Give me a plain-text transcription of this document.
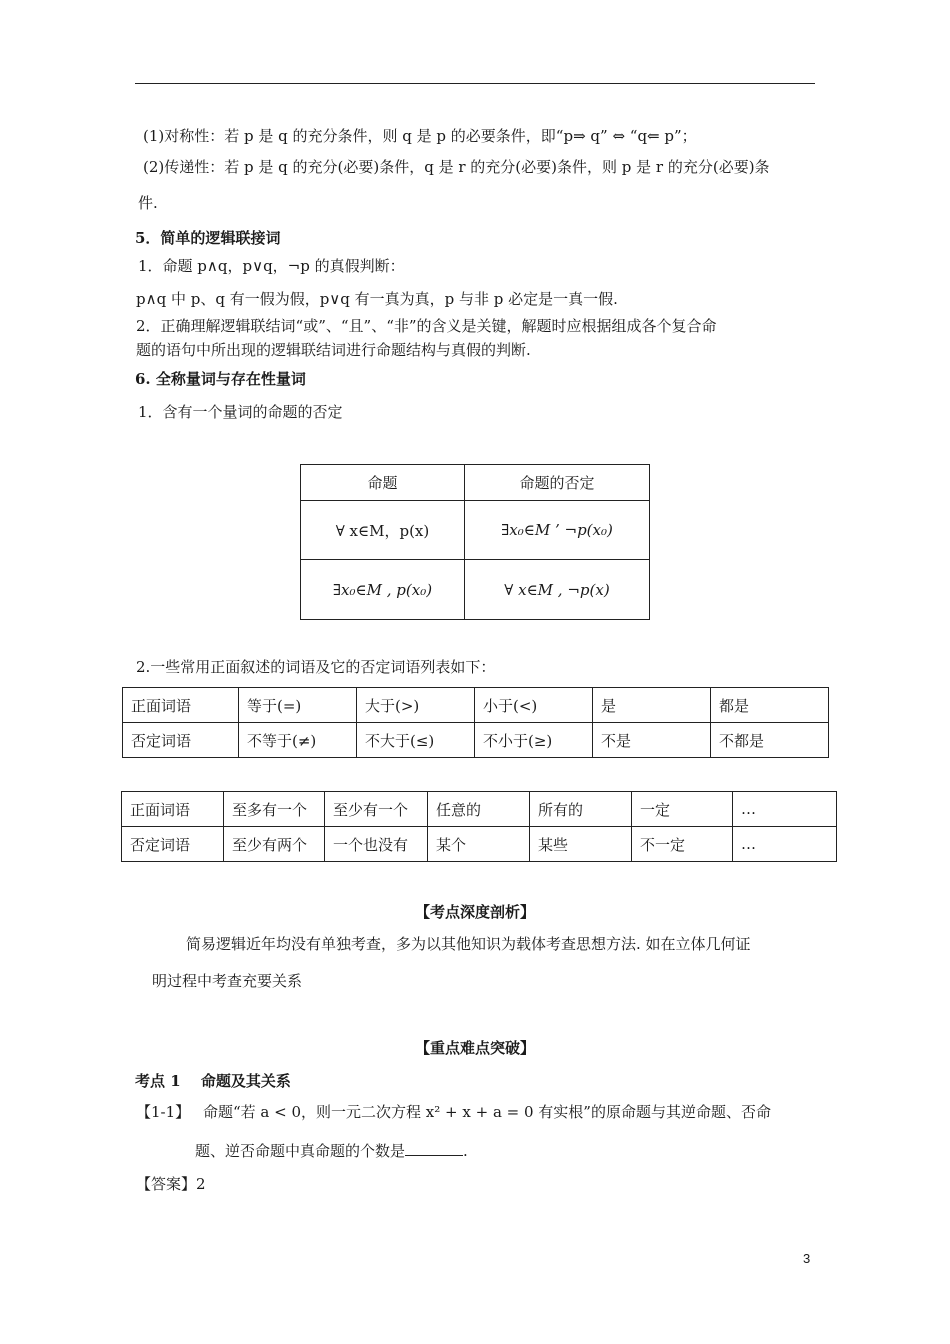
(1)对称性：若 p 是 q 的充分条件，则 q 是 p 的必要条件，即“p⇒ q” ⇔ “q⇐ p”；
(2)传递性：若 p 是 q 的充分(必要)条件，q 是 r 的充分(必要)条件，则 p 是 r 的充分(必要)条
件.
5．简单的逻辑联接词
1．命题 p∧q，p∨q，¬p 的真假判断：
p∧q 中 p、q 有一假为假，p∨q 有一真为真，p 与非 p 必定是一真一假.
2．正确理解逻辑联结词“或”、“且”、“非”的含义是关键，解题时应根据组成各个复合命
题的语句中所出现的逻辑联结词进行命题结构与真假的判断.
6. 全称量词与存在性量词
1．含有一个量词的命题的否定
命题	命题的否定
∀ x∈M，p(x)	∃x₀∈M ’ ¬p(x₀)
∃x₀∈M , p(x₀)	∀ x∈M , ¬p(x)
2.一些常用正面叙述的词语及它的否定词语列表如下：
正面词语	等于(=)	大于(>)	小于(<)	是	都是
否定词语	不等于(≠)	不大于(≤)	不小于(≥)	不是	不都是
正面词语	至多有一个	至少有一个	任意的	所有的	一定	…
否定词语	至少有两个	一个也没有	某个	某些	不一定	…
【考点深度剖析】
简易逻辑近年均没有单独考查，多为以其他知识为载体考查思想方法. 如在立体几何证
明过程中考查充要关系
【重点难点突破】
考点 1　 命题及其关系
【1-1】 命题“若 a < 0，则一元二次方程 x² + x + a = 0 有实根”的原命题与其逆命题、否命
题、逆否命题中真命题的个数是	.
【答案】2
3
